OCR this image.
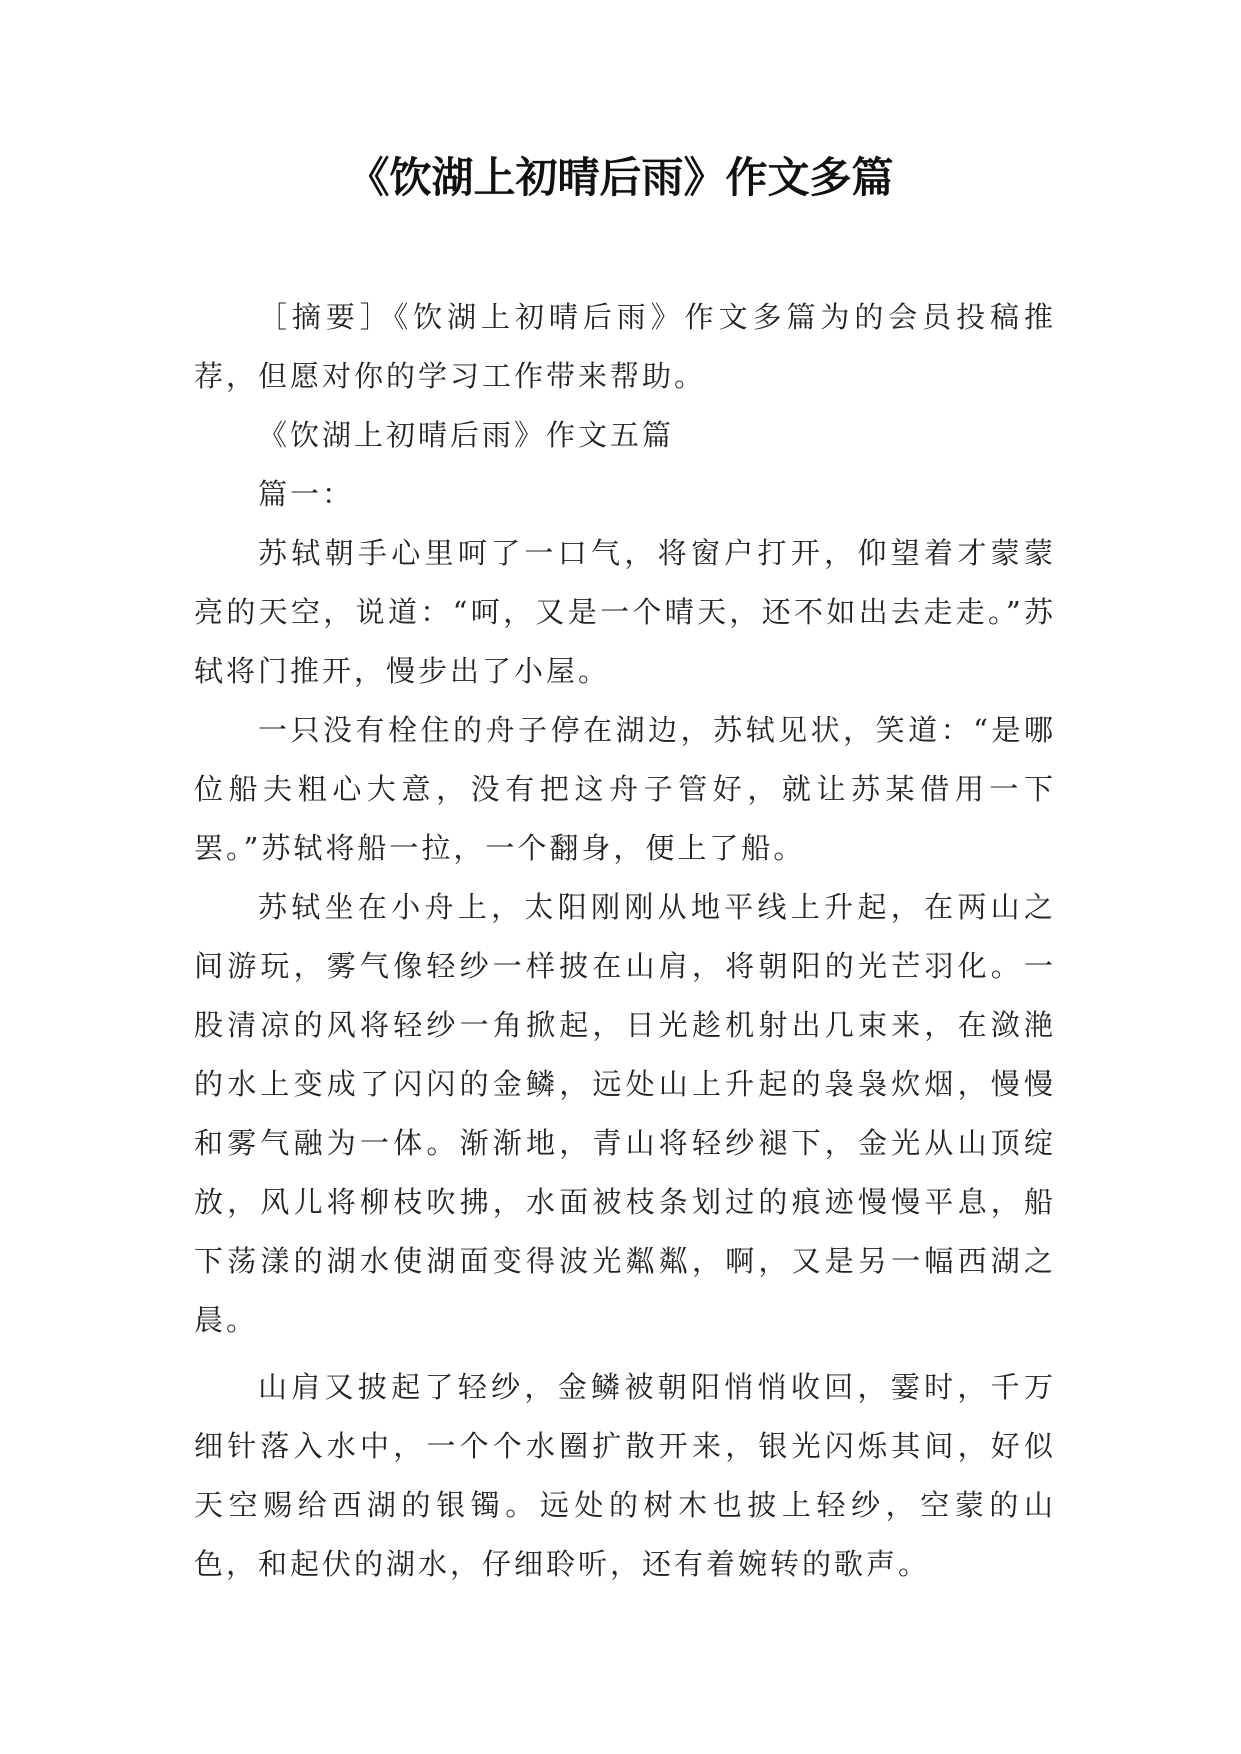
《饮湖上初晴后雨》作文多篇

［摘要］《饮湖上初晴后雨》作文多篇为的会员投稿推荐，但愿对你的学习工作带来帮助。

《饮湖上初晴后雨》作文五篇

篇一：

苏轼朝手心里呵了一口气，将窗户打开，仰望着才蒙蒙亮的天空，说道：“呵，又是一个晴天，还不如出去走走。”苏轼将门推开，慢步出了小屋。

一只没有栓住的舟子停在湖边，苏轼见状，笑道：“是哪位船夫粗心大意，没有把这舟子管好，就让苏某借用一下罢。”苏轼将船一拉，一个翻身，便上了船。

苏轼坐在小舟上，太阳刚刚从地平线上升起，在两山之间游玩，雾气像轻纱一样披在山肩，将朝阳的光芒羽化。一股清凉的风将轻纱一角掀起，日光趁机射出几束来，在潋滟的水上变成了闪闪的金鳞，远处山上升起的袅袅炊烟，慢慢和雾气融为一体。渐渐地，青山将轻纱褪下，金光从山顶绽放，风儿将柳枝吹拂，水面被枝条划过的痕迹慢慢平息，船下荡漾的湖水使湖面变得波光粼粼，啊，又是另一幅西湖之晨。

山肩又披起了轻纱，金鳞被朝阳悄悄收回，霎时，千万细针落入水中，一个个水圈扩散开来，银光闪烁其间，好似天空赐给西湖的银镯。远处的树木也披上轻纱，空蒙的山色，和起伏的湖水，仔细聆听，还有着婉转的歌声。
